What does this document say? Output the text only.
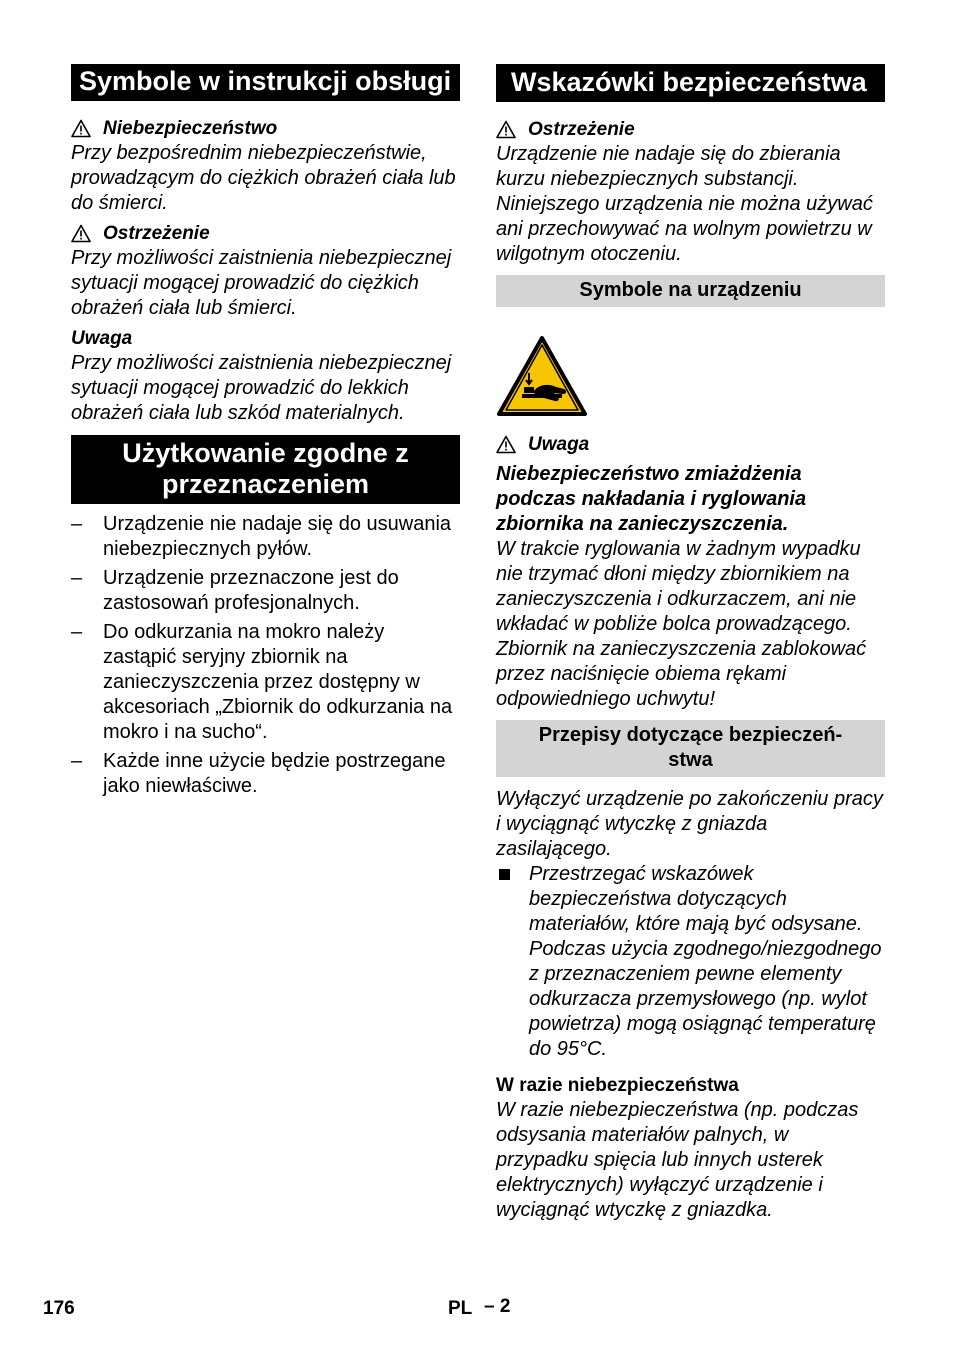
Symbole w instrukcji obsługi
Niebezpieczeństwo

Przy bezpośrednim niebezpieczeństwie, prowadzącym do ciężkich obrażeń ciała lub do śmierci.

Ostrzeżenie

Przy możliwości zaistnienia niebezpiecznej sytuacji mogącej prowadzić do ciężkich obrażeń ciała lub śmierci.

Uwaga

Przy możliwości zaistnienia niebezpiecznej sytuacji mogącej prowadzić do lekkich obrażeń ciała lub szkód materialnych.

Użytkowanie zgodne z
przeznaczeniem
–	Urządzenie nie nadaje się do usuwania niebezpiecznych pyłów.
–	Urządzenie przeznaczone jest do zastosowań profesjonalnych.
–	Do odkurzania na mokro należy zastąpić seryjny zbiornik na zanieczyszczenia przez dostępny w akcesoriach „Zbiornik do odkurzania na mokro i na sucho“.
–	Każde inne użycie będzie postrzegane jako niewłaściwe.
Wskazówki bezpieczeństwa
Ostrzeżenie

Urządzenie nie nadaje się do zbierania kurzu niebezpiecznych substancji.

Niniejszego urządzenia nie można używać ani przechowywać na wolnym powietrzu w wilgotnym otoczeniu.

Symbole na urządzeniu
Uwaga

Niebezpieczeństwo zmiażdżenia podczas nakładania i ryglowania zbiornika na zanieczyszczenia.

W trakcie ryglowania w żadnym wypadku nie trzymać dłoni między zbiornikiem na zanieczyszczenia i odkurzaczem, ani nie wkładać w pobliże bolca prowadzącego. Zbiornik na zanieczyszczenia zablokować przez naciśnięcie obiema rękami odpowiedniego uchwytu!

Przepisy dotyczące bezpieczeń-
stwa

Wyłączyć urządzenie po zakończeniu pracy i wyciągnąć wtyczkę z gniazda zasilającego.

Przestrzegać wskazówek bezpieczeństwa dotyczących materiałów, które mają być odsysane. Podczas użycia zgodnego/niezgodnego z przeznaczeniem pewne elementy odkurzacza przemysłowego (np. wylot powietrza) mogą osiągnąć temperaturę do 95°C.
W razie niebezpieczeństwa

W razie niebezpieczeństwa (np. podczas odsysania materiałów palnych, w przypadku spięcia lub innych usterek elektrycznych) wyłączyć urządzenie i wyciągnąć wtyczkę z gniazdka.

176	PL – 2
